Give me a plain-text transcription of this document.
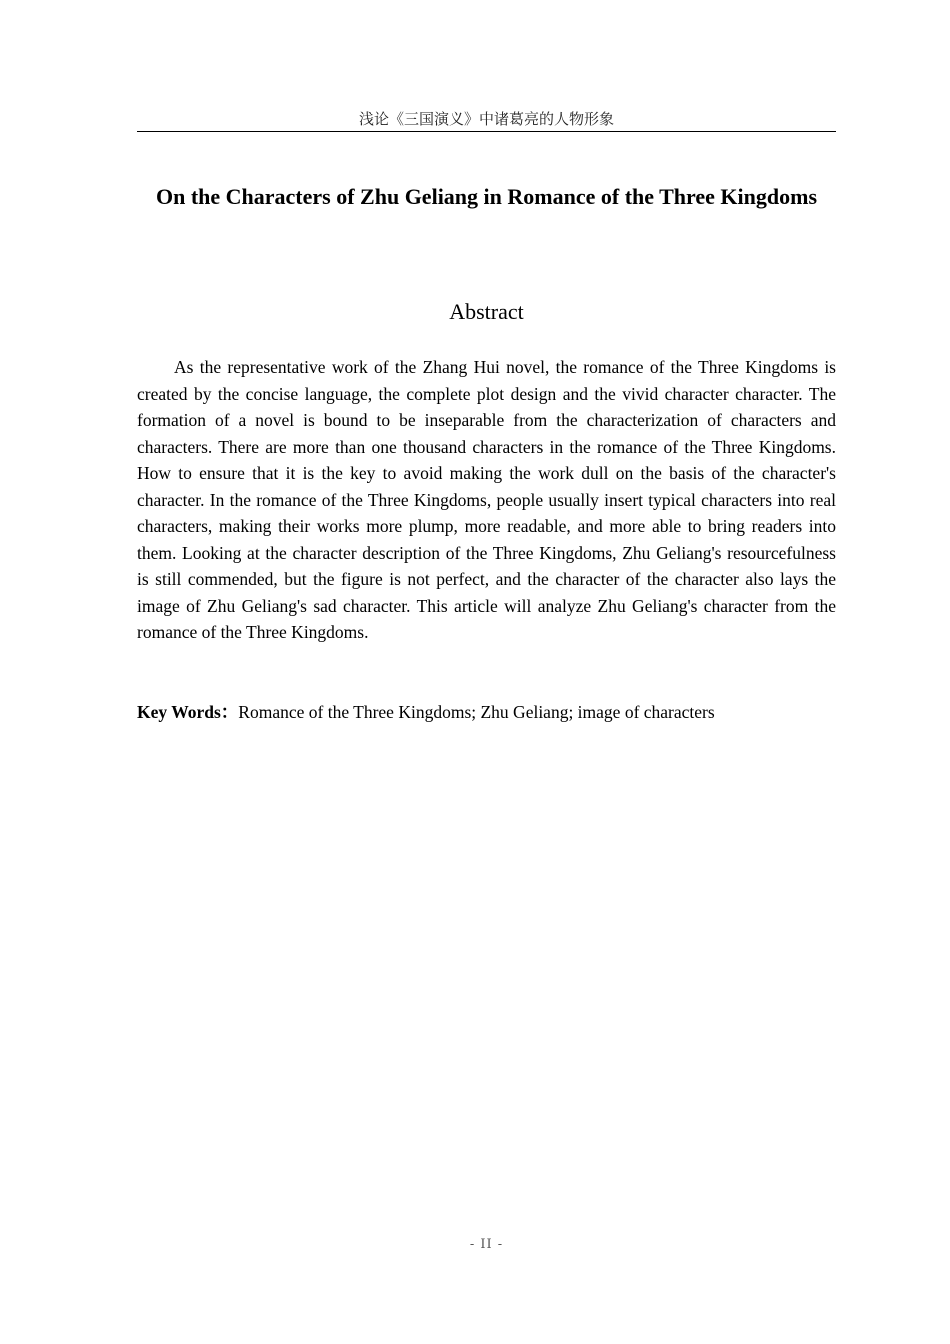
浅论《三国演义》中诸葛亮的人物形象
On the Characters of Zhu Geliang in Romance of the Three Kingdoms
Abstract

As the representative work of the Zhang Hui novel, the romance of the Three Kingdoms is created by the concise language, the complete plot design and the vivid character character. The formation of a novel is bound to be inseparable from the characterization of characters and characters. There are more than one thousand characters in the romance of the Three Kingdoms. How to ensure that it is the key to avoid making the work dull on the basis of the character's character. In the romance of the Three Kingdoms, people usually insert typical characters into real characters, making their works more plump, more readable, and more able to bring readers into them. Looking at the character description of the Three Kingdoms, Zhu Geliang's resourcefulness is still commended, but the figure is not perfect, and the character of the character also lays the image of Zhu Geliang's sad character. This article will analyze Zhu Geliang's character from the romance of the Three Kingdoms.

Key Words：Romance of the Three Kingdoms; Zhu Geliang; image of characters
- II -
